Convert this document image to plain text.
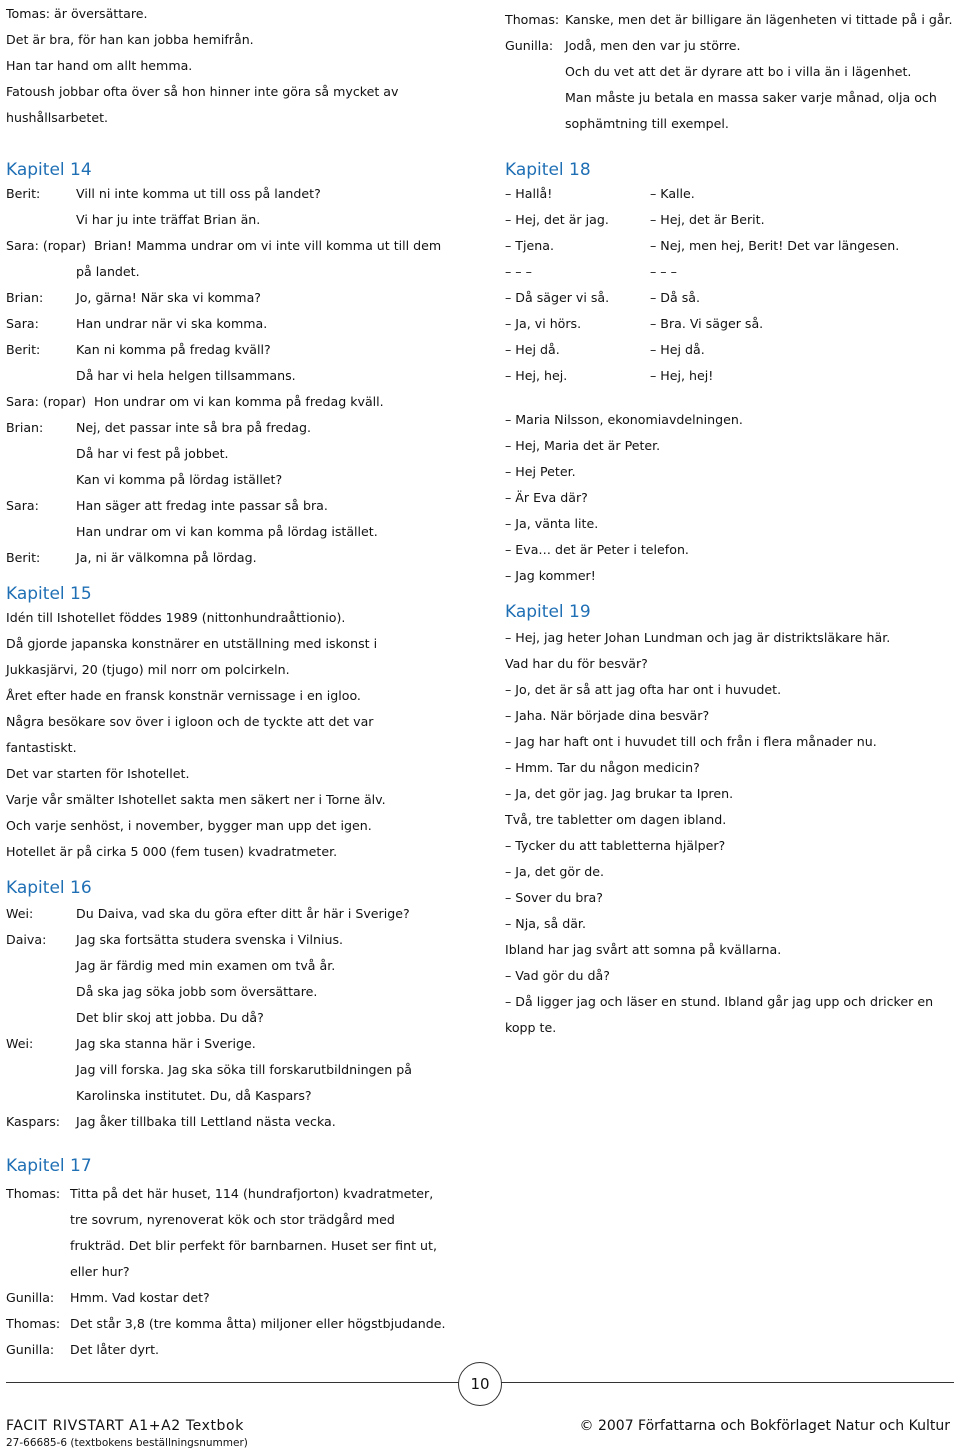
Tomas: är översättare.
Det är bra, för han kan jobba hemifrån.
Han tar hand om allt hemma.
Fatoush jobbar ofta över så hon hinner inte göra så mycket av
hushållsarbetet.
Kapitel 14
Berit:	Vill ni inte komma ut till oss på landet?
Vi har ju inte träffat Brian än.
Sara: (ropar) Brian! Mamma undrar om vi inte vill komma ut till dem
på landet.
Brian:	Jo, gärna! När ska vi komma?
Sara:	Han undrar när vi ska komma.
Berit:	Kan ni komma på fredag kväll?
Då har vi hela helgen tillsammans.
Sara: (ropar) Hon undrar om vi kan komma på fredag kväll.
Brian:	Nej, det passar inte så bra på fredag.
Då har vi fest på jobbet.
Kan vi komma på lördag istället?
Sara:	Han säger att fredag inte passar så bra.
Han undrar om vi kan komma på lördag istället.
Berit:	Ja, ni är välkomna på lördag.
Kapitel 15
Idén till Ishotellet föddes 1989 (nittonhundraåttionio).
Då gjorde japanska konstnärer en utställning med iskonst i
Jukkasjärvi, 20 (tjugo) mil norr om polcirkeln.
Året efter hade en fransk konstnär vernissage i en igloo.
Några besökare sov över i igloon och de tyckte att det var
fantastiskt.
Det var starten för Ishotellet.
Varje vår smälter Ishotellet sakta men säkert ner i Torne älv.
Och varje senhöst, i november, bygger man upp det igen.
Hotellet är på cirka 5 000 (fem tusen) kvadratmeter.
Kapitel 16
Wei:	Du Daiva, vad ska du göra efter ditt år här i Sverige?
Daiva: Jag ska fortsätta studera svenska i Vilnius.
Jag är färdig med min examen om två år.
Då ska jag söka jobb som översättare.
Det blir skoj att jobba. Du då?
Wei:	Jag ska stanna här i Sverige.
Jag vill forska. Jag ska söka till forskarutbildningen på
Karolinska institutet. Du, då Kaspars?
Kaspars: Jag åker tillbaka till Lettland nästa vecka.
Kapitel 17
Thomas: Titta på det här huset, 114 (hundrafjorton) kvadratmeter,
tre sovrum, nyrenoverat kök och stor trädgård med
frukträd. Det blir perfekt för barnbarnen. Huset ser fint ut,
eller hur?
Gunilla: Hmm. Vad kostar det?
Thomas: Det står 3,8 (tre komma åtta) miljoner eller högstbjudande.
Gunilla: Det låter dyrt.
Thomas: Kanske, men det är billigare än lägenheten vi tittade på i går.
Gunilla: Jodå, men den var ju större.
Och du vet att det är dyrare att bo i villa än i lägenhet.
Man måste ju betala en massa saker varje månad, olja och
sophämtning till exempel.
Kapitel 18
– Hallå!	– Kalle.
– Hej, det är jag.	– Hej, det är Berit.
– Tjena.	– Nej, men hej, Berit! Det var längesen.
– – –	– – –
– Då säger vi så.	– Då så.
– Ja, vi hörs.	– Bra. Vi säger så.
– Hej då.	– Hej då.
– Hej, hej.	– Hej, hej!
– Maria Nilsson, ekonomiavdelningen.
– Hej, Maria det är Peter.
– Hej Peter.
– Är Eva där?
– Ja, vänta lite.
– Eva… det är Peter i telefon.
– Jag kommer!
Kapitel 19
– Hej, jag heter Johan Lundman och jag är distriktsläkare här.
Vad har du för besvär?
– Jo, det är så att jag ofta har ont i huvudet.
– Jaha. När började dina besvär?
– Jag har haft ont i huvudet till och från i flera månader nu.
– Hmm. Tar du någon medicin?
– Ja, det gör jag. Jag brukar ta Ipren.
Två, tre tabletter om dagen ibland.
– Tycker du att tabletterna hjälper?
– Ja, det gör de.
– Sover du bra?
– Nja, så där.
Ibland har jag svårt att somna på kvällarna.
– Vad gör du då?
– Då ligger jag och läser en stund. Ibland går jag upp och dricker en
kopp te.
10
FACIT RIVSTART A1+A2 Textbok
27-66685-6 (textbokens beställningsnummer)
© 2007 Författarna och Bokförlaget Natur och Kultur
